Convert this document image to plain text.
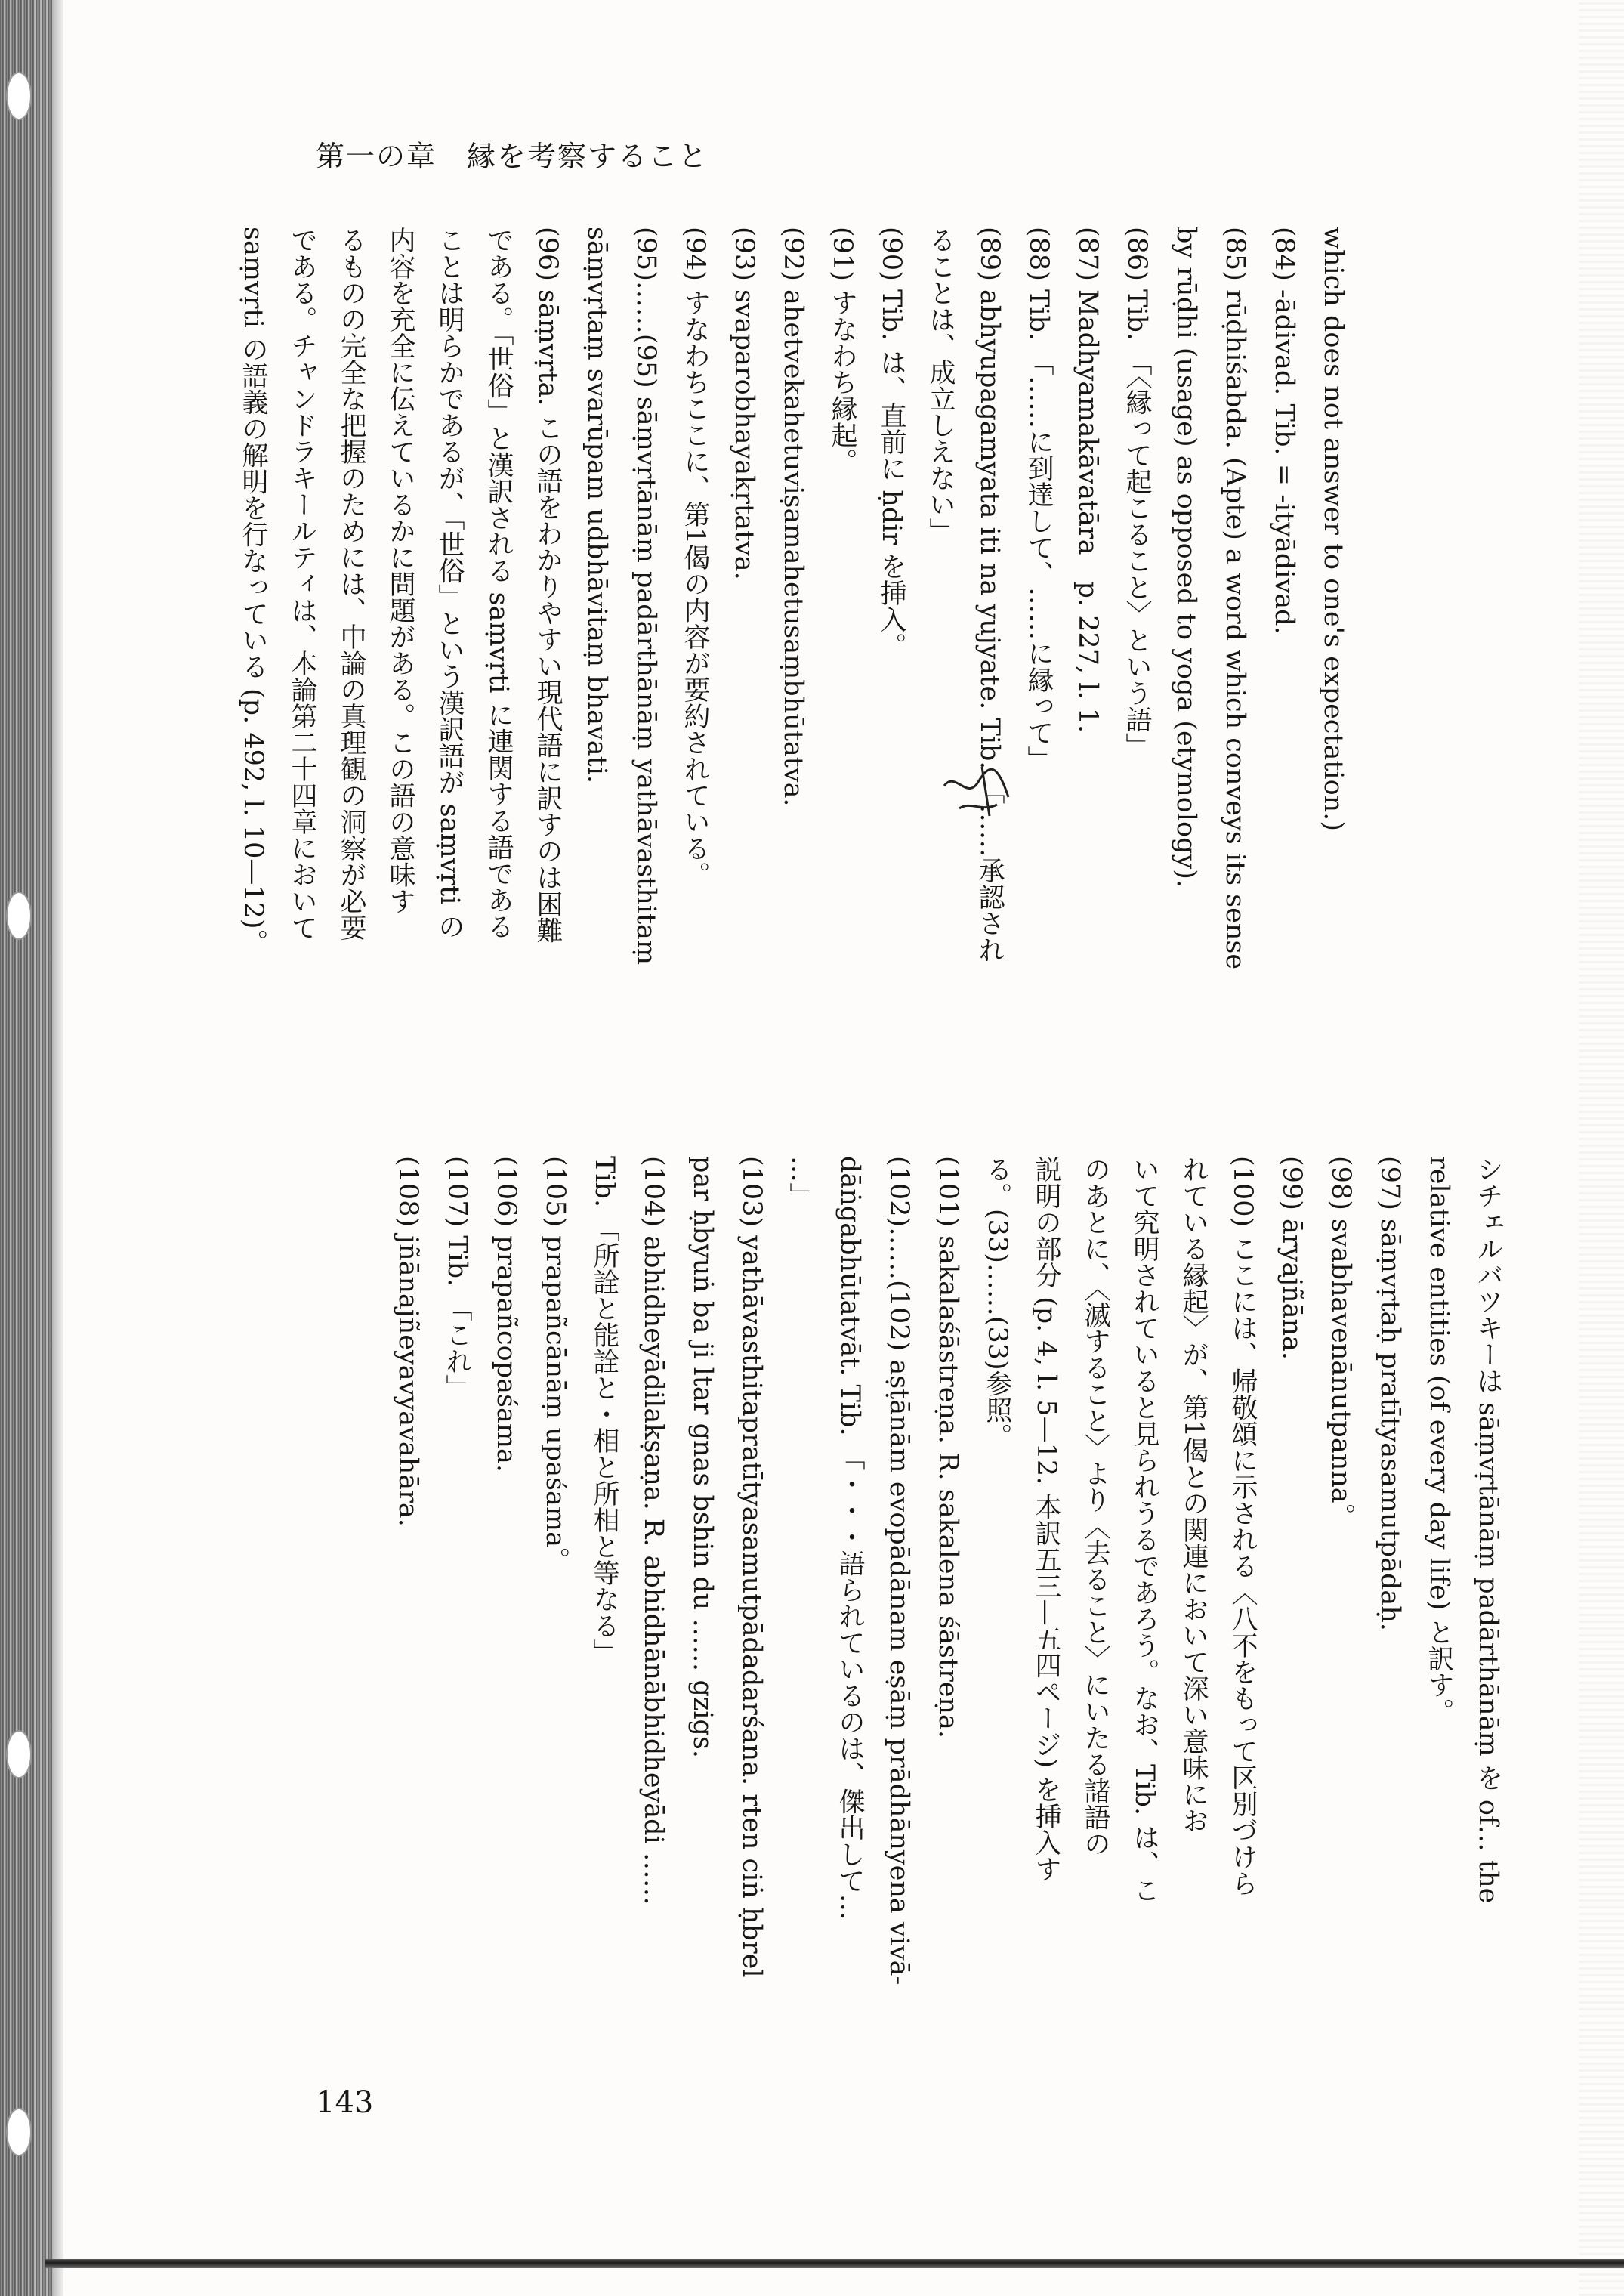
第一の章　縁を考察すること

which does not answer to one's expectation.)

(84) -ādivad. Tib. = -ityādivad.

(85) rūḍhiśabda. (Apte) a word which conveys its sense

by rūḍhi (usage) as opposed to yoga (etymology).

(86) Tib. 「〈縁って起こること〉という語」

(87) Madhyamakāvatāra　p. 227, l. 1.

(88) Tib. 「……に到達して、……に縁って」

(89) abhyupagamyata iti na yujyate. Tib. 「……承認され

ることは、成立しえない」

(90) Tib. は、直前に ḥdir を挿入。

(91) すなわち縁起。

(92) ahetvekahetuviṣamahetusaṃbhūtatva.

(93) svaparobhayakṛtatva.

(94) すなわちここに、第1偈の内容が要約されている。

(95)……(95) sāṃvṛtānāṃ padārthānāṃ yathāvasthitaṃ

sāṃvṛtaṃ svarūpam udbhāvitaṃ bhavati.

(96) sāṃvṛta. この語をわかりやすい現代語に訳すのは困難

である。「世俗」と漢訳される saṃvṛti に連関する語である

ことは明らかであるが、「世俗」という漢訳語が saṃvṛti の

内容を充全に伝えているかに問題がある。この語の意味す

るものの完全な把握のためには、中論の真理観の洞察が必要

である。チャンドラキールティは、本論第二十四章において

saṃvṛti の語義の解明を行なっている (p. 492, l. 10—12)。

シチェルバツキーは sāṃvṛtānāṃ padārthānāṃ を of… the

relative entities (of every day life) と訳す。

(97) sāṃvṛtaḥ pratītyasamutpādaḥ.

(98) svabhavenānutpanna。

(99) āryajñāna.

(100) ここには、帰敬頌に示される〈八不をもって区別づけら

れている縁起〉が、第1偈との関連において深い意味にお

いて究明されていると見られうるであろう。なお、Tib. は、こ

のあとに、〈滅すること〉より〈去ること〉にいたる諸語の

説明の部分 (p. 4, l. 5—12. 本訳五三—五四ページ) を挿入す

る。(33)……(33)参照。

(101) sakalaśāstreṇa. R. sakalena śāstreṇa.

(102)……(102) aṣṭānām evopādānam eṣāṃ prādhānyena vivā-

dāṅgabhūtatvāt. Tib. 「・・・語られているのは、傑出して…

…」

(103) yathāvasthitapratītyasamutpādadarśana. rten ciṅ ḥbrel

par ḥbyuṅ ba ji ltar gnas bshin du …… gzigs.

(104) abhidheyādilakṣaṇa. R. abhidhānābhidheyādi ……

Tib. 「所詮と能詮と・相と所相と等なる」

(105) prapañcānāṃ upaśama。

(106) prapañcopaśama.

(107) Tib. 「これ」

(108) jñānajñeyavyavahāra.

143
